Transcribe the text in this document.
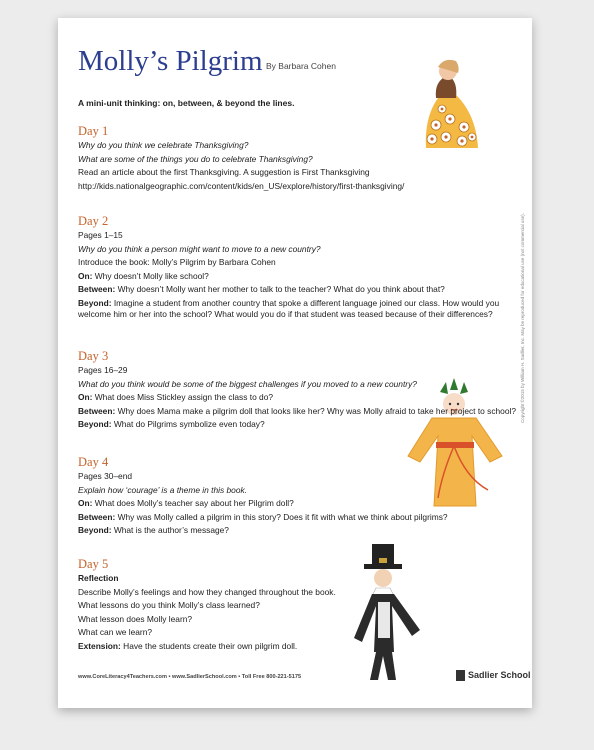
Molly’s Pilgrim By Barbara Cohen
A mini-unit thinking: on, between, & beyond the lines.
Day 1
Why do you think we celebrate Thanksgiving?
What are some of the things you do to celebrate Thanksgiving?
Read an article about the first Thanksgiving. A suggestion is First Thanksgiving
http://kids.nationalgeographic.com/content/kids/en_US/explore/history/first-thanksgiving/
Day 2
Pages 1–15
Why do you think a person might want to move to a new country?
Introduce the book: Molly’s Pilgrim by Barbara Cohen
On: Why doesn’t Molly like school?
Between: Why doesn’t Molly want her mother to talk to the teacher? What do you think about that?
Beyond: Imagine a student from another country that spoke a different language joined our class. How would you welcome him or her into the school? What would you do if that student was teased because of their differences?
Day 3
Pages 16–29
What do you think would be some of the biggest challenges if you moved to a new country?
On: What does Miss Stickley assign the class to do?
Between: Why does Mama make a pilgrim doll that looks like her? Why was Molly afraid to take her project to school?
Beyond: What do Pilgrims symbolize even today?
Day 4
Pages 30–end
Explain how ‘courage’ is a theme in this book.
On: What does Molly’s teacher say about her Pilgrim doll?
Between: Why was Molly called a pilgrim in this story? Does it fit with what we think about pilgrims?
Beyond: What is the author’s message?
Day 5
Reflection
Describe Molly’s feelings and how they changed throughout the book.
What lessons do you think Molly’s class learned?
What lesson does Molly learn?
What can we learn?
Extension: Have the students create their own pilgrim doll.
Copyright ©2015 by William H. Sadlier, Inc. May be reproduced for educational use (not commercial use).
www.CoreLiteracy4Teachers.com • www.SadlierSchool.com • Toll Free 800-221-5175	Sadlier School
